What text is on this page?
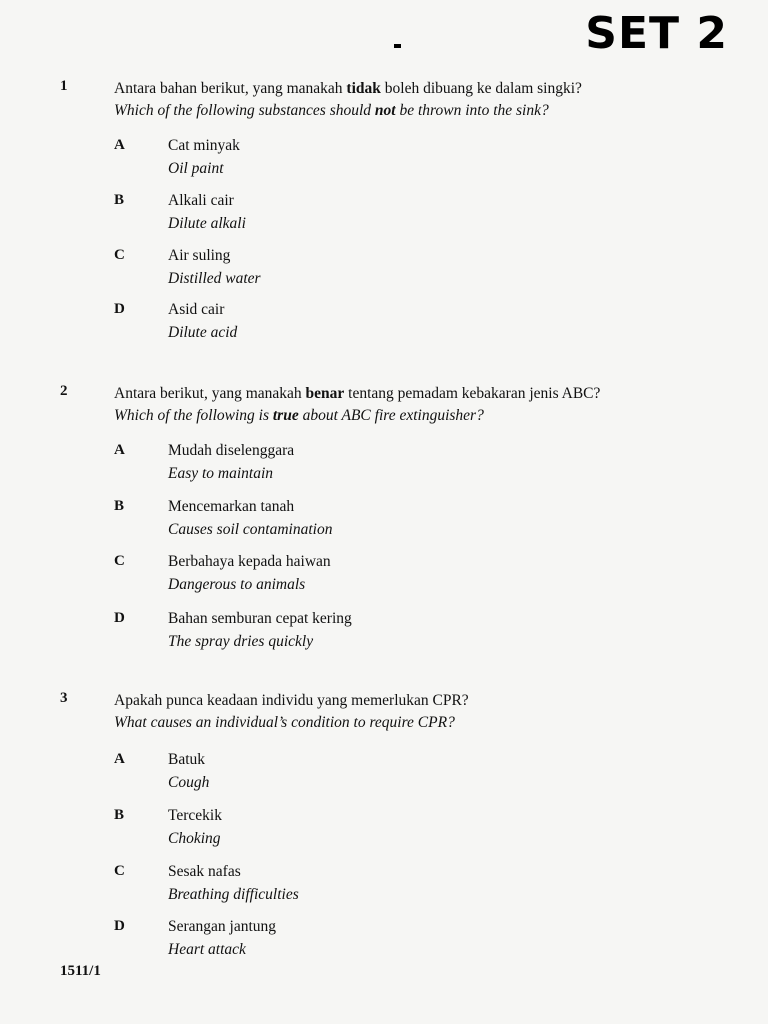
SET 2
1	Antara bahan berikut, yang manakah tidak boleh dibuang ke dalam singki?
Which of the following substances should not be thrown into the sink?
A	Cat minyak
Oil paint
B	Alkali cair
Dilute alkali
C	Air suling
Distilled water
D	Asid cair
Dilute acid
2	Antara berikut, yang manakah benar tentang pemadam kebakaran jenis ABC?
Which of the following is true about ABC fire extinguisher?
A	Mudah diselenggara
Easy to maintain
B	Mencemarkan tanah
Causes soil contamination
C	Berbahaya kepada haiwan
Dangerous to animals
D	Bahan semburan cepat kering
The spray dries quickly
3	Apakah punca keadaan individu yang memerlukan CPR?
What causes an individual’s condition to require CPR?
A	Batuk
Cough
B	Tercekik
Choking
C	Sesak nafas
Breathing difficulties
D	Serangan jantung
Heart attack
1511/1
